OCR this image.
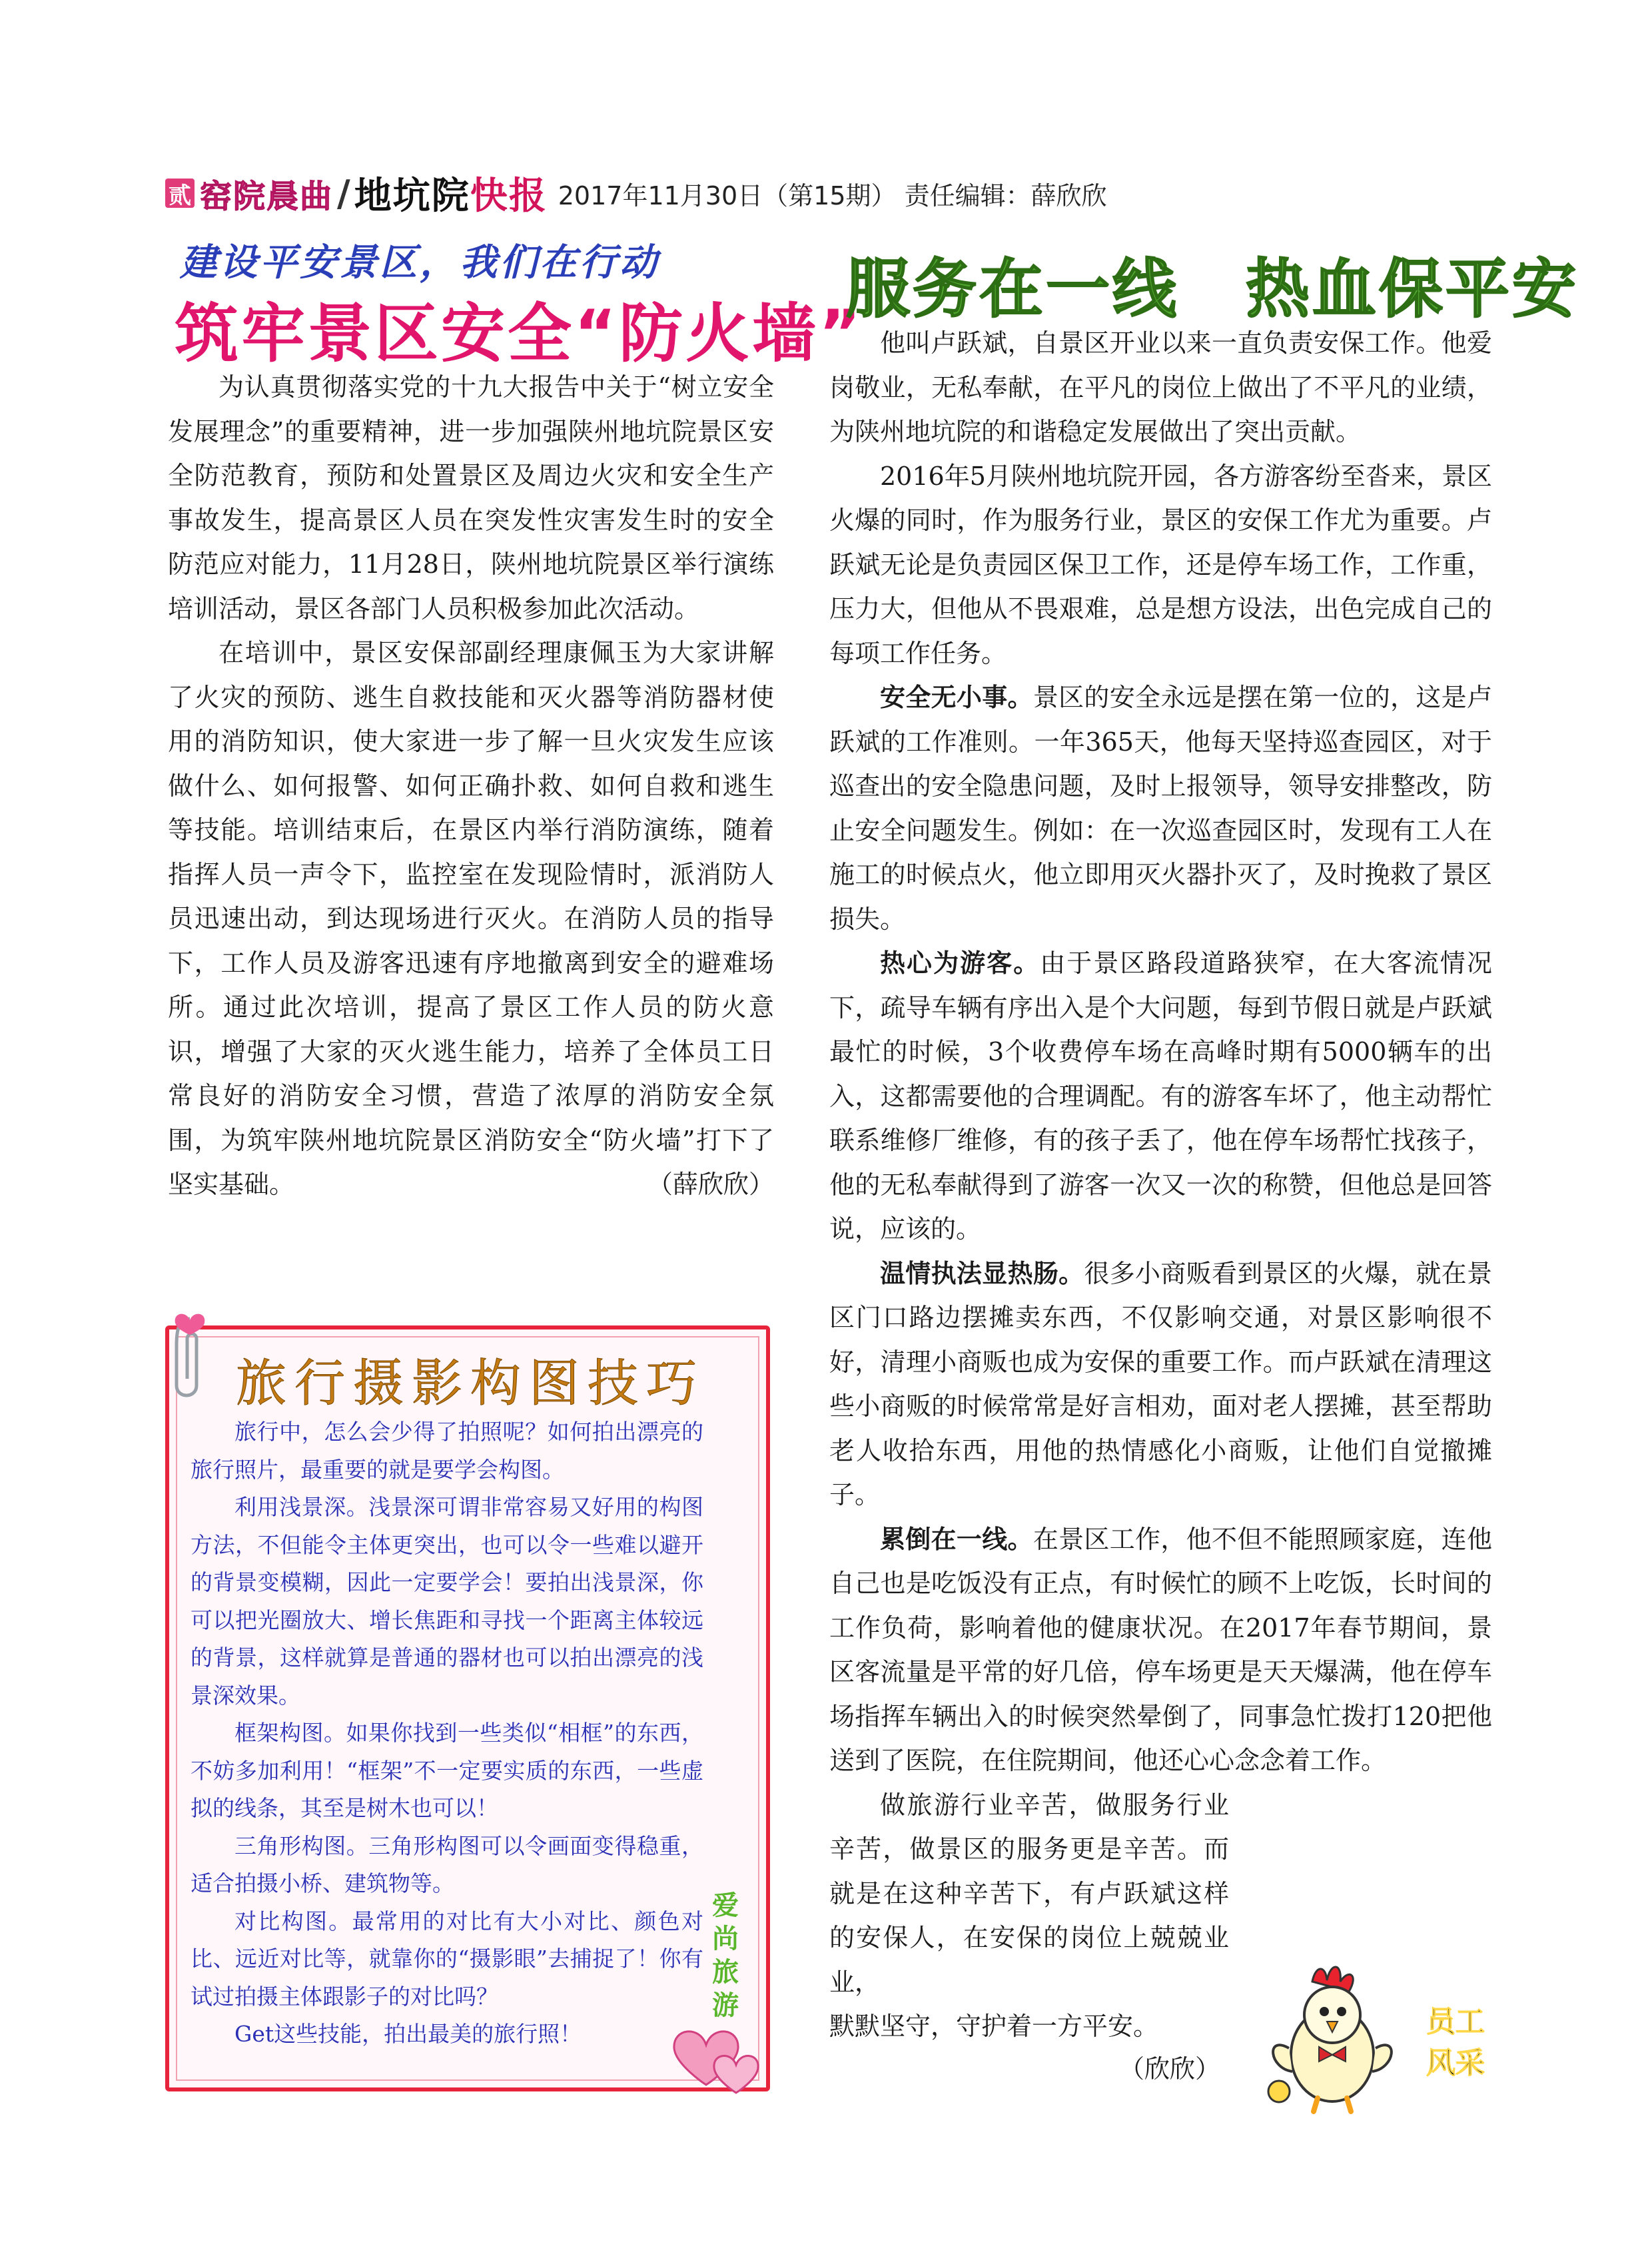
贰 窑院晨曲 / 地坑院 快报 2017年11月30日（第15期） 责任编辑：薛欣欣
建设平安景区，我们在行动
筑牢景区安全“防火墙”

为认真贯彻落实党的十九大报告中关于“树立安全发展理念”的重要精神，进一步加强陕州地坑院景区安全防范教育，预防和处置景区及周边火灾和安全生产事故发生，提高景区人员在突发性灾害发生时的安全防范应对能力，11月28日，陕州地坑院景区举行演练培训活动，景区各部门人员积极参加此次活动。

在培训中，景区安保部副经理康佩玉为大家讲解了火灾的预防、逃生自救技能和灭火器等消防器材使用的消防知识，使大家进一步了解一旦火灾发生应该做什么、如何报警、如何正确扑救、如何自救和逃生等技能。培训结束后，在景区内举行消防演练，随着指挥人员一声令下，监控室在发现险情时，派消防人员迅速出动，到达现场进行灭火。在消防人员的指导下，工作人员及游客迅速有序地撤离到安全的避难场所。通过此次培训，提高了景区工作人员的防火意识，增强了大家的灭火逃生能力，培养了全体员工日常良好的消防安全习惯，营造了浓厚的消防安全氛围，为筑牢陕州地坑院景区消防安全“防火墙”打下了坚实基础。	（薛欣欣）
旅行摄影构图技巧

旅行中，怎么会少得了拍照呢？如何拍出漂亮的旅行照片，最重要的就是要学会构图。

利用浅景深。浅景深可谓非常容易又好用的构图方法，不但能令主体更突出，也可以令一些难以避开的背景变模糊，因此一定要学会！要拍出浅景深，你可以把光圈放大、增长焦距和寻找一个距离主体较远的背景，这样就算是普通的器材也可以拍出漂亮的浅景深效果。

框架构图。如果你找到一些类似“相框”的东西，不妨多加利用！“框架”不一定要实质的东西，一些虚拟的线条，其至是树木也可以！

三角形构图。三角形构图可以令画面变得稳重，适合拍摄小桥、建筑物等。

对比构图。最常用的对比有大小对比、颜色对比、远近对比等，就靠你的“摄影眼”去捕捉了！你有试过拍摄主体跟影子的对比吗？

Get这些技能，拍出最美的旅行照！

爱尚旅游
服务在一线　热血保平安

他叫卢跃斌，自景区开业以来一直负责安保工作。他爱岗敬业，无私奉献，在平凡的岗位上做出了不平凡的业绩，为陕州地坑院的和谐稳定发展做出了突出贡献。

2016年5月陕州地坑院开园，各方游客纷至沓来，景区火爆的同时，作为服务行业，景区的安保工作尤为重要。卢跃斌无论是负责园区保卫工作，还是停车场工作，工作重，压力大，但他从不畏艰难，总是想方设法，出色完成自己的每项工作任务。

安全无小事。景区的安全永远是摆在第一位的，这是卢跃斌的工作准则。一年365天，他每天坚持巡查园区，对于巡查出的安全隐患问题，及时上报领导，领导安排整改，防止安全问题发生。例如：在一次巡查园区时，发现有工人在施工的时候点火，他立即用灭火器扑灭了，及时挽救了景区损失。

热心为游客。由于景区路段道路狭窄，在大客流情况下，疏导车辆有序出入是个大问题，每到节假日就是卢跃斌最忙的时候，3个收费停车场在高峰时期有5000辆车的出入，这都需要他的合理调配。有的游客车坏了，他主动帮忙联系维修厂维修，有的孩子丢了，他在停车场帮忙找孩子，他的无私奉献得到了游客一次又一次的称赞，但他总是回答说，应该的。

温情执法显热肠。很多小商贩看到景区的火爆，就在景区门口路边摆摊卖东西，不仅影响交通，对景区影响很不好，清理小商贩也成为安保的重要工作。而卢跃斌在清理这些小商贩的时候常常是好言相劝，面对老人摆摊，甚至帮助老人收拾东西，用他的热情感化小商贩，让他们自觉撤摊子。

累倒在一线。在景区工作，他不但不能照顾家庭，连他自己也是吃饭没有正点，有时候忙的顾不上吃饭，长时间的工作负荷，影响着他的健康状况。在2017年春节期间，景区客流量是平常的好几倍，停车场更是天天爆满，他在停车场指挥车辆出入的时候突然晕倒了，同事急忙拨打120把他送到了医院，在住院期间，他还心心念念着工作。

做旅游行业辛苦，做服务行业辛苦，做景区的服务更是辛苦。而就是在这种辛苦下，有卢跃斌这样的安保人，在安保的岗位上兢兢业业，

默默坚守，守护着一方平安。

（欣欣）
员工风采
